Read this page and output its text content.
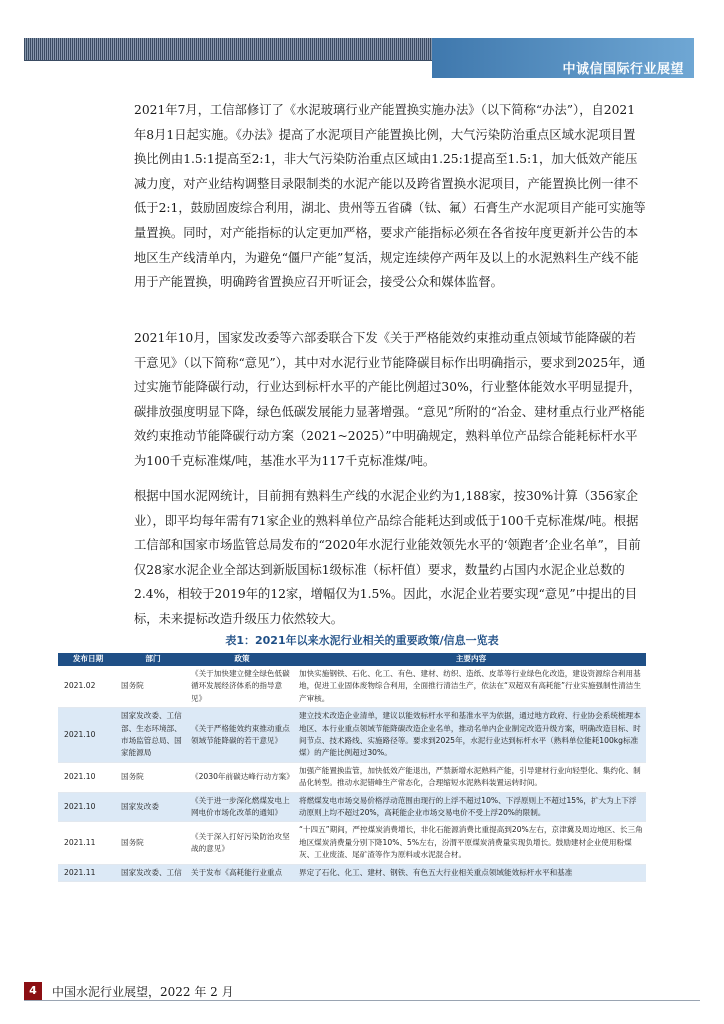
中诚信国际行业展望

2021年7月，工信部修订了《水泥玻璃行业产能置换实施办法》（以下简称“办法”），自2021年8月1日起实施。《办法》提高了水泥项目产能置换比例，大气污染防治重点区域水泥项目置换比例由1.5:1提高至2:1，非大气污染防治重点区域由1.25:1提高至1.5:1，加大低效产能压减力度，对产业结构调整目录限制类的水泥产能以及跨省置换水泥项目，产能置换比例一律不低于2:1，鼓励固废综合利用，湖北、贵州等五省磷（钛、氟）石膏生产水泥项目产能可实施等量置换。同时，对产能指标的认定更加严格，要求产能指标必须在各省按年度更新并公告的本地区生产线清单内，为避免“僵尸产能”复活，规定连续停产两年及以上的水泥熟料生产线不能用于产能置换，明确跨省置换应召开听证会，接受公众和媒体监督。

2021年10月，国家发改委等六部委联合下发《关于严格能效约束推动重点领域节能降碳的若干意见》（以下简称“意见”），其中对水泥行业节能降碳目标作出明确指示，要求到2025年，通过实施节能降碳行动，行业达到标杆水平的产能比例超过30%，行业整体能效水平明显提升，碳排放强度明显下降，绿色低碳发展能力显著增强。“意见”所附的“冶金、建材重点行业严格能效约束推动节能降碳行动方案（2021~2025）”中明确规定，熟料单位产品综合能耗标杆水平为100千克标准煤/吨，基准水平为117千克标准煤/吨。

根据中国水泥网统计，目前拥有熟料生产线的水泥企业约为1,188家，按30%计算（356家企业），即平均每年需有71家企业的熟料单位产品综合能耗达到或低于100千克标准煤/吨。根据工信部和国家市场监管总局发布的“2020年水泥行业能效领先水平的‘领跑者’企业名单”，目前仅28家水泥企业全部达到新版国标1级标准（标杆值）要求，数量约占国内水泥企业总数的2.4%，相较于2019年的12家，增幅仅为1.5%。因此，水泥企业若要实现“意见”中提出的目标，未来提标改造升级压力依然较大。

表1：2021年以来水泥行业相关的重要政策/信息一览表
发布日期	部门	政策	主要内容
2021.02	国务院	《关于加快建立健全绿色低碳循环发展经济体系的指导意见》	加快实施钢铁、石化、化工、有色、建材、纺织、造纸、皮革等行业绿色化改造，建设资源综合利用基地，促进工业固体废物综合利用，全面推行清洁生产，依法在“双超双有高耗能”行业实施强制性清洁生产审核。
2021.10	国家发改委、工信部、生态环境部、市场监管总局、国家能源局	《关于严格能效约束推动重点领域节能降碳的若干意见》	建立技术改造企业清单，建议以能效标杆水平和基准水平为依据，通过地方政府、行业协会系统梳理本地区、本行业重点领域节能降碳改造企业名单，推动名单内企业制定改造升级方案，明确改造目标、时间节点、技术路线、实施路径等。要求到2025年，水泥行业达到标杆水平（熟料单位能耗100kg标准煤）的产能比例超过30%。
2021.10	国务院	《2030年前碳达峰行动方案》	加强产能置换监管，加快低效产能退出，严禁新增水泥熟料产能，引导建材行业向轻型化、集约化、制品化转型。推动水泥错峰生产常态化，合理缩短水泥熟料装置运转时间。
2021.10	国家发改委	《关于进一步深化燃煤发电上网电价市场化改革的通知》	将燃煤发电市场交易价格浮动范围由现行的上浮不超过10%、下浮原则上不超过15%，扩大为上下浮动原则上均不超过20%，高耗能企业市场交易电价不受上浮20%的限制。
2021.11	国务院	《关于深入打好污染防治攻坚战的意见》	“十四五”期间，严控煤炭消费增长，非化石能源消费比重提高到20%左右，京津冀及周边地区、长三角地区煤炭消费量分别下降10%、5%左右，汾渭平原煤炭消费量实现负增长。鼓励建材企业使用粉煤灰、工业废渣、尾矿渣等作为原料或水泥混合材。
2021.11	国家发改委、工信	关于发布《高耗能行业重点	界定了石化、化工、建材、钢铁、有色五大行业相关重点领域能效标杆水平和基准
4	中国水泥行业展望，2022 年 2 月
